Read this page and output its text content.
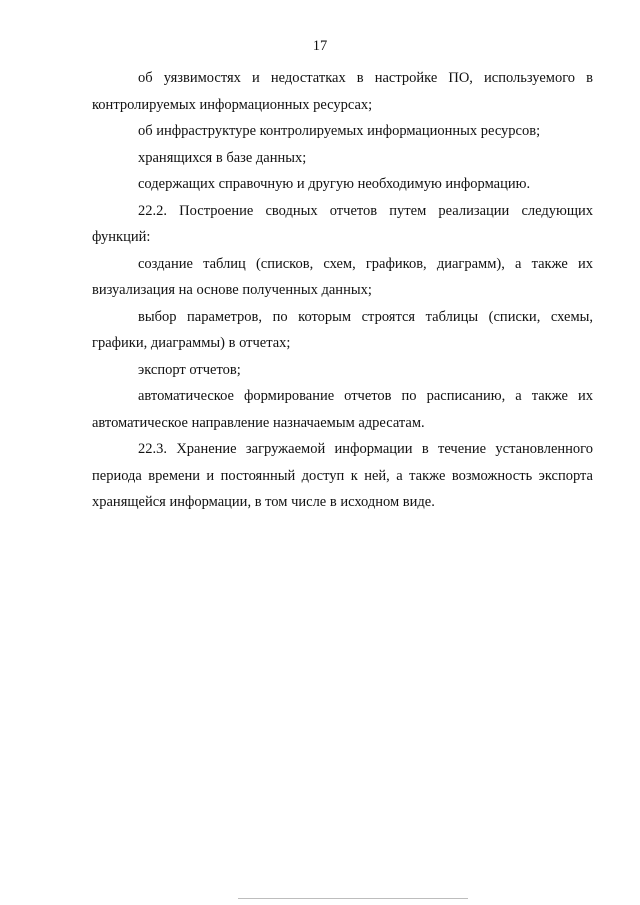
17

об уязвимостях и недостатках в настройке ПО, используемого в контролируемых информационных ресурсах;

об инфраструктуре контролируемых информационных ресурсов;

хранящихся в базе данных;

содержащих справочную и другую необходимую информацию.

22.2. Построение сводных отчетов путем реализации следующих функций:

создание таблиц (списков, схем, графиков, диаграмм), а также их визуализация на основе полученных данных;

выбор параметров, по которым строятся таблицы (списки, схемы, графики, диаграммы) в отчетах;

экспорт отчетов;

автоматическое формирование отчетов по расписанию, а также их автоматическое направление назначаемым адресатам.

22.3. Хранение загружаемой информации в течение установленного периода времени и постоянный доступ к ней, а также возможность экспорта хранящейся информации, в том числе в исходном виде.
